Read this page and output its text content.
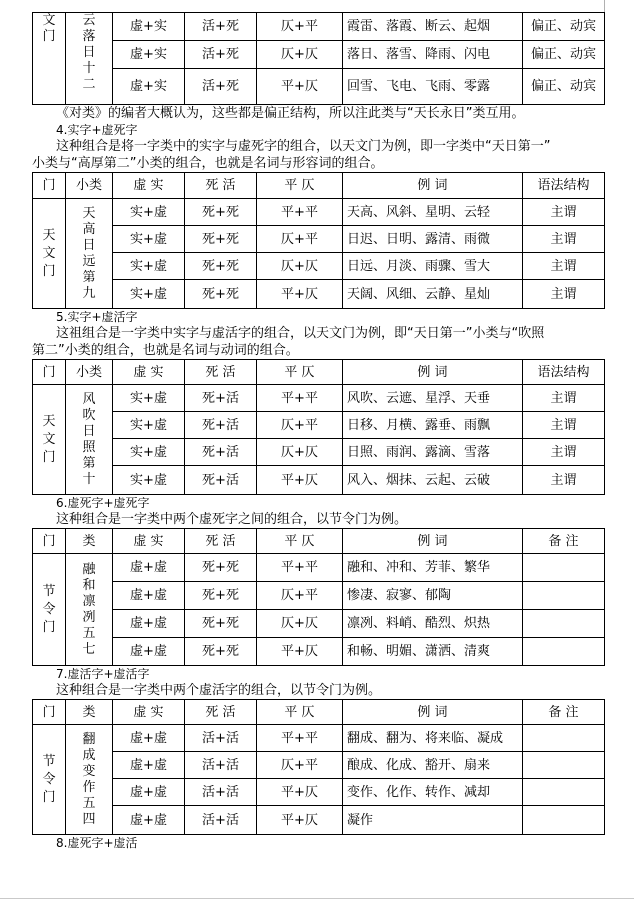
文门	云落日十二	虚+实	活+死	仄+平	霞雷、落霞、断云、起烟	偏正、动宾
		虚+实	活+死	仄+仄	落日、落雪、降雨、闪电	偏正、动宾
		虚+实	活+死	平+仄	回雪、飞电、飞雨、零露	偏正、动宾

《对类》的编者大概认为，这些都是偏正结构，所以注此类与“天长永日”类互用。

4.实字+虚死字

这种组合是将一字类中的实字与虚死字的组合，以天文门为例，即一字类中“天日第一”

小类与“高厚第二”小类的组合，也就是名词与形容词的组合。

门	小类	虚 实	死 活	平 仄	例 词	语法结构
天文门	天高日远第九	实+虚	死+死	平+平	天高、风斜、星明、云轻	主谓
		实+虚	死+死	仄+平	日迟、日明、露清、雨微	主谓
		实+虚	死+死	仄+仄	日远、月淡、雨骤、雪大	主谓
		实+虚	死+死	平+仄	天阔、风细、云静、星灿	主谓

5.实字+虚活字

这祖组合是一字类中实字与虚活字的组合，以天文门为例，即“天日第一”小类与“吹照

第二”小类的组合，也就是名词与动词的组合。

门	小类	虚 实	死 活	平 仄	例 词	语法结构
天文门	风吹日照第十	实+虚	死+活	平+平	风吹、云遮、星浮、天垂	主谓
		实+虚	死+活	仄+平	日移、月横、露垂、雨飘	主谓
		实+虚	死+活	仄+仄	日照、雨润、露滴、雪落	主谓
		实+虚	死+活	平+仄	风入、烟抹、云起、云破	主谓

6.虚死字+虚死字

这种组合是一字类中两个虚死字之间的组合，以节令门为例。

门	类	虚 实	死 活	平 仄	例 词	备 注
节令门	融和凛冽五七	虚+虚	死+死	平+平	融和、冲和、芳菲、繁华	
		虚+虚	死+死	仄+平	惨凄、寂寥、郁陶	
		虚+虚	死+死	仄+仄	凛冽、料峭、酷烈、炽热	
		虚+虚	死+死	平+仄	和畅、明媚、潇洒、清爽	

7.虚活字+虚活字

这种组合是一字类中两个虚活字的组合，以节令门为例。

门	类	虚 实	死 活	平 仄	例 词	备 注
节令门	翻成变作五四	虚+虚	活+活	平+平	翻成、翻为、将来临、凝成	
		虚+虚	活+活	仄+平	酿成、化成、豁开、扇来	
		虚+虚	活+活	平+仄	变作、化作、转作、减却	
		虚+虚	活+活	平+仄	凝作	

8.虚死字+虚活
